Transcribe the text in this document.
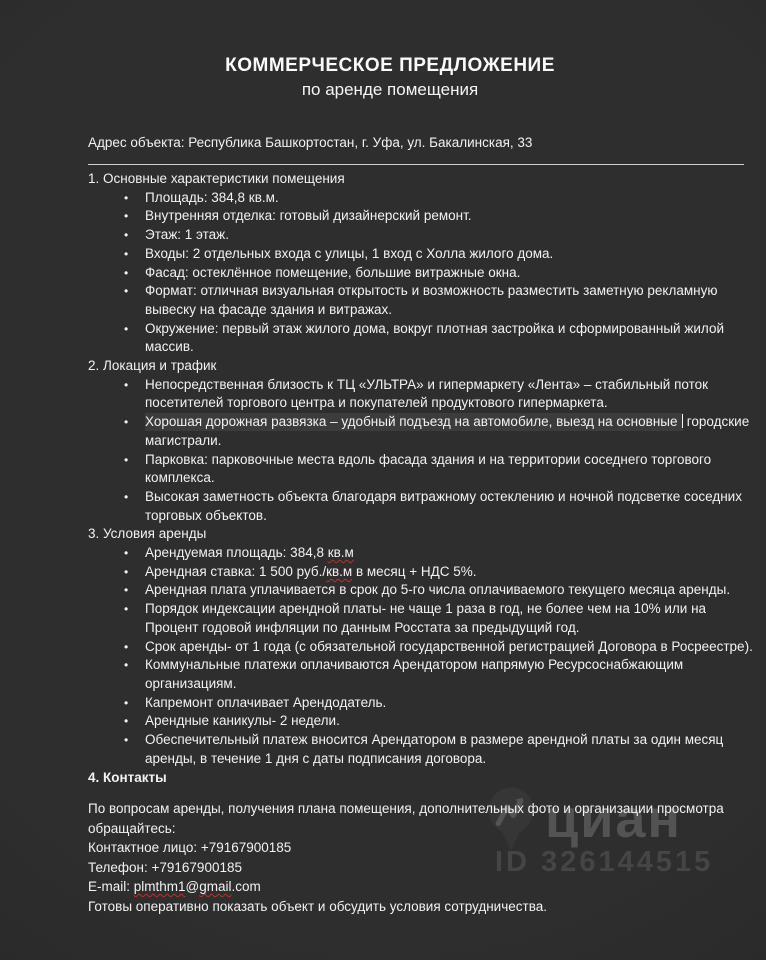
циан
ID 326144515
КОММЕРЧЕСКОЕ ПРЕДЛОЖЕНИЕ
по аренде помещения
Адрес объекта: Республика Башкортостан, г. Уфа, ул. Бакалинская, 33
1. Основные характеристики помещения
• Площадь: 384,8 кв.м.
• Внутренняя отделка: готовый дизайнерский ремонт.
• Этаж: 1 этаж.
• Входы: 2 отдельных входа с улицы, 1 вход с Холла жилого дома.
• Фасад: остеклённое помещение, большие витражные окна.
• Формат: отличная визуальная открытость и возможность разместить заметную рекламную вывеску на фасаде здания и витражах.
• Окружение: первый этаж жилого дома, вокруг плотная застройка и сформированный жилой массив.
2. Локация и трафик
• Непосредственная близость к ТЦ «УЛЬТРА» и гипермаркету «Лента» – стабильный поток посетителей торгового центра и покупателей продуктового гипермаркета.
• Хорошая дорожная развязка – удобный подъезд на автомобиле, выезд на основные городские магистрали.
• Парковка: парковочные места вдоль фасада здания и на территории соседнего торгового комплекса.
• Высокая заметность объекта благодаря витражному остеклению и ночной подсветке соседних торговых объектов.
3. Условия аренды
• Арендуемая площадь: 384,8 кв.м
• Арендная ставка: 1 500 руб./кв.м в месяц + НДС 5%.
• Арендная плата уплачивается в срок до 5-го числа оплачиваемого текущего месяца аренды.
• Порядок индексации арендной платы- не чаще 1 раза в год, не более чем на 10% или на Процент годовой инфляции по данным Росстата за предыдущий год.
• Срок аренды- от 1 года (с обязательной государственной регистрацией Договора в Росреестре).
• Коммунальные платежи оплачиваются Арендатором напрямую Ресурсоснабжающим организациям.
• Капремонт оплачивает Арендодатель.
• Арендные каникулы- 2 недели.
• Обеспечительный платеж вносится Арендатором в размере арендной платы за один месяц аренды, в течение 1 дня с даты подписания договора.
4. Контакты
По вопросам аренды, получения плана помещения, дополнительных фото и организации просмотра обращайтесь:
Контактное лицо: +79167900185
Телефон: +79167900185
E-mail: plmthm1@gmail.com
Готовы оперативно показать объект и обсудить условия сотрудничества.
